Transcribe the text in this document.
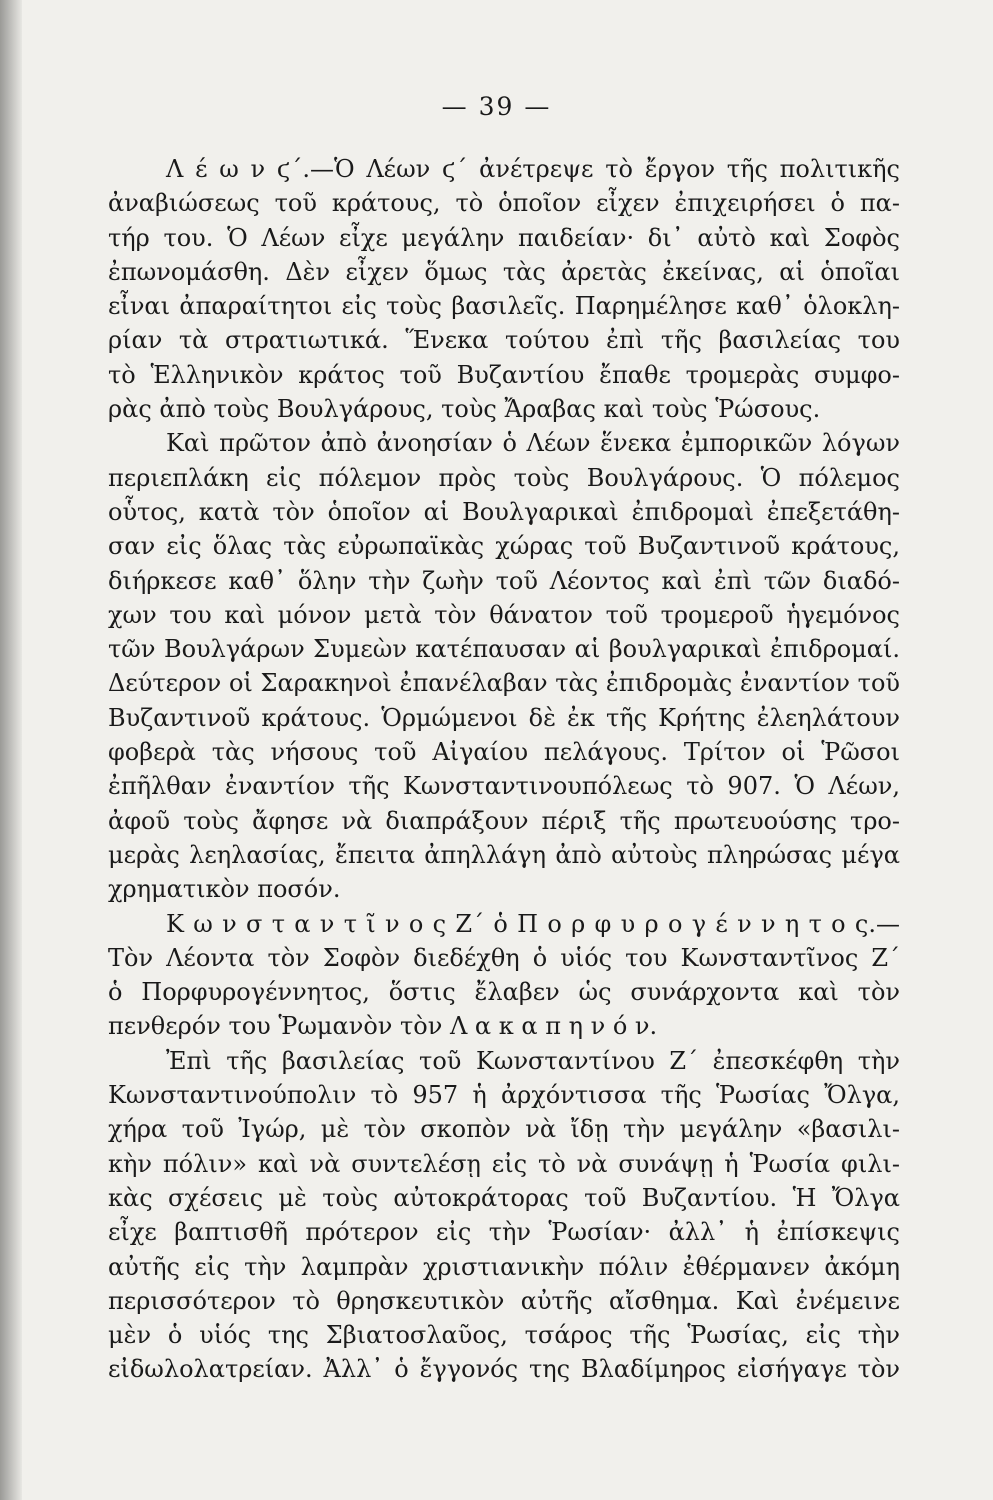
— 39 —
Λ έ ω ν ϛ΄.—Ὁ Λέων ϛ΄ ἀνέτρεψε τὸ ἔργον τῆς πολιτικῆς
ἀναβιώσεως τοῦ κράτους, τὸ ὁποῖον εἶχεν ἐπιχειρήσει ὁ πα-
τήρ του. Ὁ Λέων εἶχε μεγάλην παιδείαν· δι᾿ αὐτὸ καὶ Σοφὸς
ἐπωνομάσθη. Δὲν εἶχεν ὅμως τὰς ἀρετὰς ἐκείνας, αἱ ὁποῖαι
εἶναι ἀπαραίτητοι εἰς τοὺς βασιλεῖς. Παρημέλησε καθ᾿ ὁλοκλη-
ρίαν τὰ στρατιωτικά. Ἕνεκα τούτου ἐπὶ τῆς βασιλείας του
τὸ Ἑλληνικὸν κράτος τοῦ Βυζαντίου ἔπαθε τρομερὰς συμφο-
ρὰς ἀπὸ τοὺς Βουλγάρους, τοὺς Ἄραβας καὶ τοὺς Ῥώσους.
Καὶ πρῶτον ἀπὸ ἀνοησίαν ὁ Λέων ἕνεκα ἐμπορικῶν λόγων
περιεπλάκη εἰς πόλεμον πρὸς τοὺς Βουλγάρους. Ὁ πόλεμος
οὗτος, κατὰ τὸν ὁποῖον αἱ Βουλγαρικαὶ ἐπιδρομαὶ ἐπεξετάθη-
σαν εἰς ὅλας τὰς εὐρωπαϊκὰς χώρας τοῦ Βυζαντινοῦ κράτους,
διήρκεσε καθ᾿ ὅλην τὴν ζωὴν τοῦ Λέοντος καὶ ἐπὶ τῶν διαδό-
χων του καὶ μόνον μετὰ τὸν θάνατον τοῦ τρομεροῦ ἡγεμόνος
τῶν Βουλγάρων Συμεὼν κατέπαυσαν αἱ βουλγαρικαὶ ἐπιδρομαί.
Δεύτερον οἱ Σαρακηνοὶ ἐπανέλαβαν τὰς ἐπιδρομὰς ἐναντίον τοῦ
Βυζαντινοῦ κράτους. Ὁρμώμενοι δὲ ἐκ τῆς Κρήτης ἐλεηλάτουν
φοβερὰ τὰς νήσους τοῦ Αἰγαίου πελάγους. Τρίτον οἱ Ῥῶσοι
ἐπῆλθαν ἐναντίον τῆς Κωνσταντινουπόλεως τὸ 907. Ὁ Λέων,
ἀφοῦ τοὺς ἄφησε νὰ διαπράξουν πέριξ τῆς πρωτευούσης τρο-
μερὰς λεηλασίας, ἔπειτα ἀπηλλάγη ἀπὸ αὐτοὺς πληρώσας μέγα
χρηματικὸν ποσόν.
Κ ω ν σ τ α ν τ ῖ ν ο ς Ζ΄ ὁ Π ο ρ φ υ ρ ο γ έ ν ν η τ ο ς.—
Τὸν Λέοντα τὸν Σοφὸν διεδέχθη ὁ υἱός του Κωνσταντῖνος Ζ΄
ὁ Πορφυρογέννητος, ὅστις ἔλαβεν ὡς συνάρχοντα καὶ τὸν
πενθερόν του Ῥωμανὸν τὸν Λ α κ α π η ν ό ν.
Ἐπὶ τῆς βασιλείας τοῦ Κωνσταντίνου Ζ΄ ἐπεσκέφθη τὴν
Κωνσταντινούπολιν τὸ 957 ἡ ἀρχόντισσα τῆς Ῥωσίας Ὄλγα,
χήρα τοῦ Ἰγώρ, μὲ τὸν σκοπὸν νὰ ἴδῃ τὴν μεγάλην «βασιλι-
κὴν πόλιν» καὶ νὰ συντελέσῃ εἰς τὸ νὰ συνάψῃ ἡ Ῥωσία φιλι-
κὰς σχέσεις μὲ τοὺς αὐτοκράτορας τοῦ Βυζαντίου. Ἡ Ὄλγα
εἶχε βαπτισθῆ πρότερον εἰς τὴν Ῥωσίαν· ἀλλ᾿ ἡ ἐπίσκεψις
αὐτῆς εἰς τὴν λαμπρὰν χριστιανικὴν πόλιν ἐθέρμανεν ἀκόμη
περισσότερον τὸ θρησκευτικὸν αὐτῆς αἴσθημα. Καὶ ἐνέμεινε
μὲν ὁ υἱός της Σβιατοσλαῦος, τσάρος τῆς Ῥωσίας, εἰς τὴν
εἰδωλολατρείαν. Ἀλλ᾿ ὁ ἔγγονός της Βλαδίμηρος εἰσήγαγε τὸν
